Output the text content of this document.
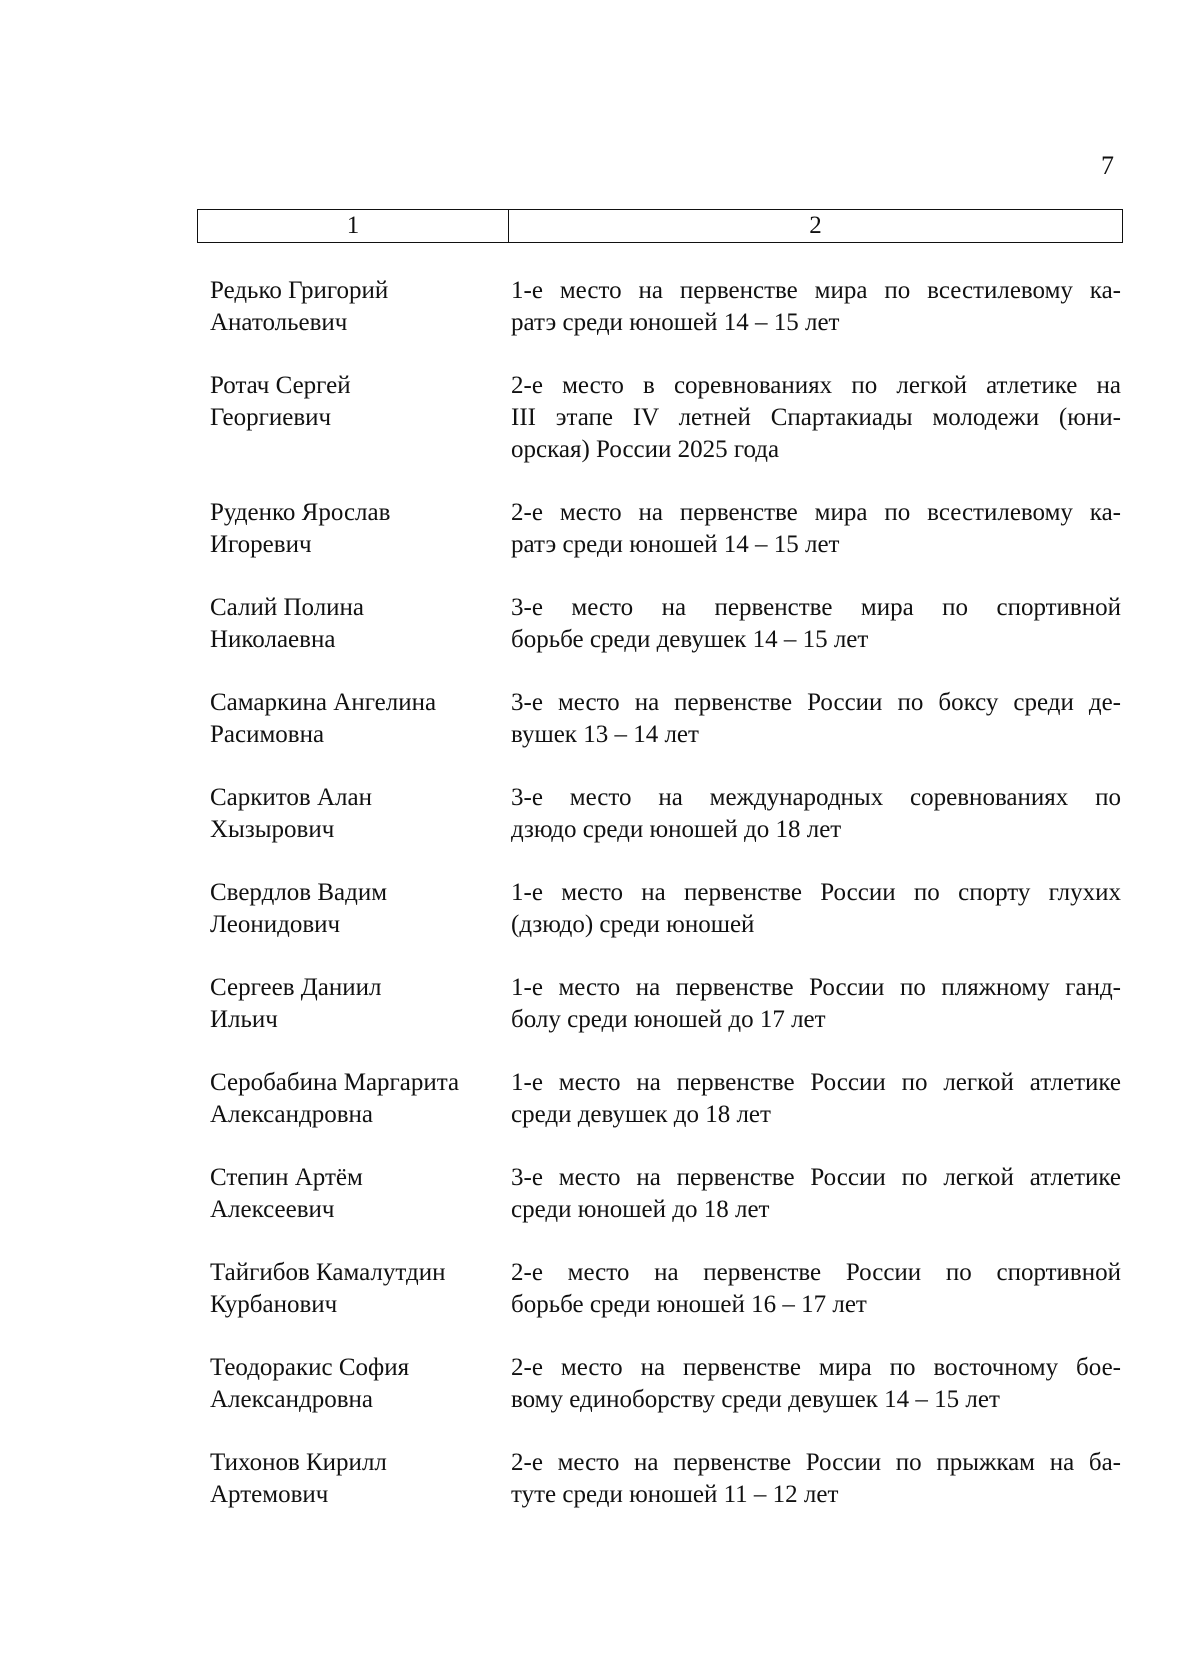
7
1	2
Редько Григорий
Анатольевич
1-е место на первенстве мира по всестилевому ка-
ратэ среди юношей 14 – 15 лет
Ротач Сергей
Георгиевич
2-е место в соревнованиях по легкой атлетике на
III этапе IV летней Спартакиады молодежи (юни-
орская) России 2025 года
Руденко Ярослав
Игоревич
2-е место на первенстве мира по всестилевому ка-
ратэ среди юношей 14 – 15 лет
Салий Полина
Николаевна
3-е место на первенстве мира по спортивной
борьбе среди девушек 14 – 15 лет
Самаркина Ангелина
Расимовна
3-е место на первенстве России по боксу среди де-
вушек 13 – 14 лет
Саркитов Алан
Хызырович
3-е место на международных соревнованиях по
дзюдо среди юношей до 18 лет
Свердлов Вадим
Леонидович
1-е место на первенстве России по спорту глухих
(дзюдо) среди юношей
Сергеев Даниил
Ильич
1-е место на первенстве России по пляжному ганд-
болу среди юношей до 17 лет
Серобабина Маргарита
Александровна
1-е место на первенстве России по легкой атлетике
среди девушек до 18 лет
Степин Артём
Алексеевич
3-е место на первенстве России по легкой атлетике
среди юношей до 18 лет
Тайгибов Камалутдин
Курбанович
2-е место на первенстве России по спортивной
борьбе среди юношей 16 – 17 лет
Теодоракис София
Александровна
2-е место на первенстве мира по восточному бое-
вому единоборству среди девушек 14 – 15 лет
Тихонов Кирилл
Артемович
2-е место на первенстве России по прыжкам на ба-
туте среди юношей 11 – 12 лет
